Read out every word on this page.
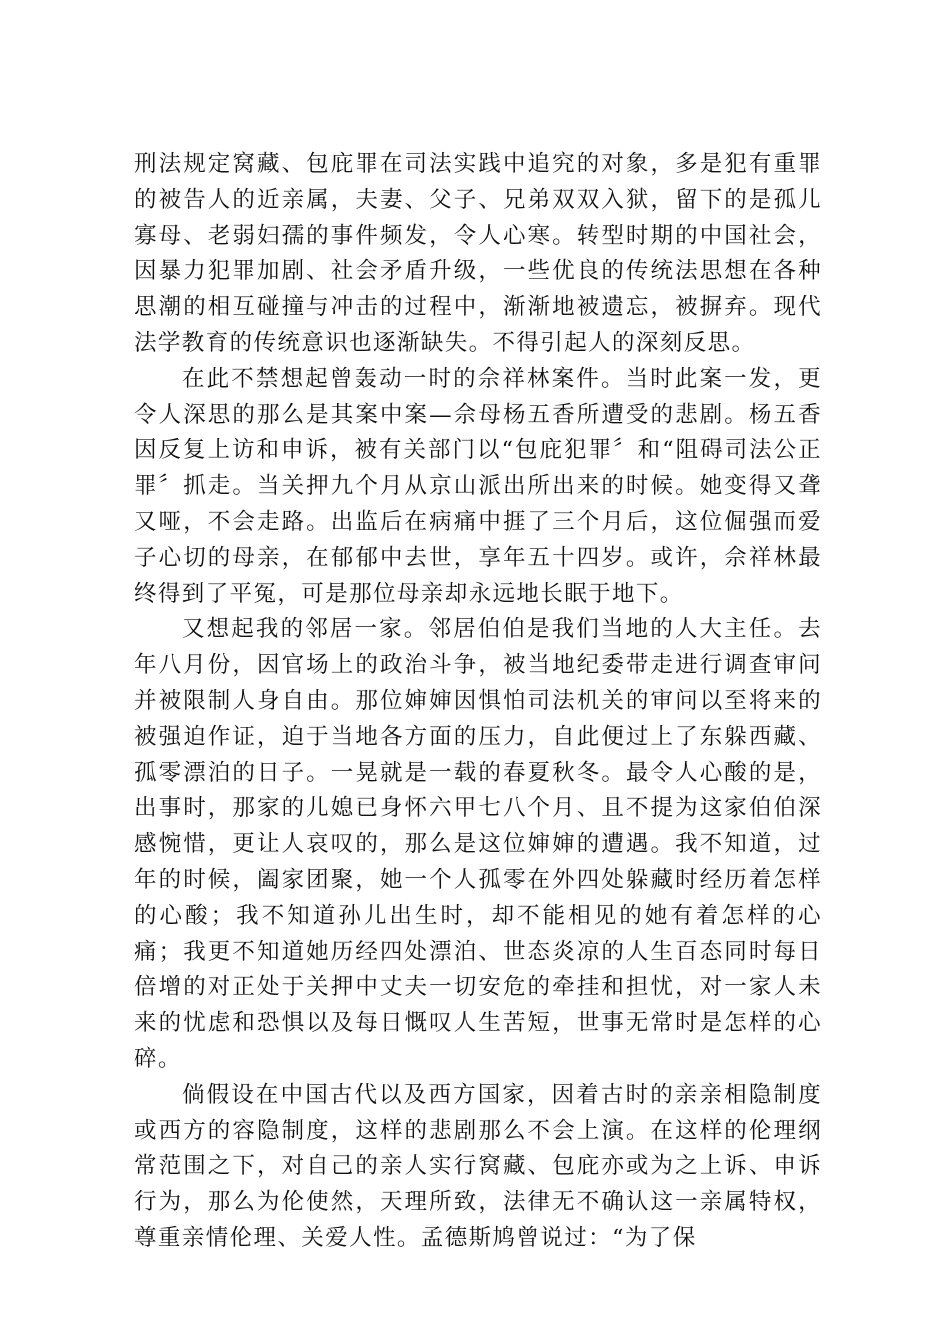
刑法规定窝藏、包庇罪在司法实践中追究的对象，多是犯有重罪的被告人的近亲属，夫妻、父子、兄弟双双入狱，留下的是孤儿寡母、老弱妇孺的事件频发，令人心寒。转型时期的中国社会，因暴力犯罪加剧、社会矛盾升级，一些优良的传统法思想在各种思潮的相互碰撞与冲击的过程中，渐渐地被遗忘，被摒弃。现代法学教育的传统意识也逐渐缺失。不得引起人的深刻反思。

在此不禁想起曾轰动一时的佘祥林案件。当时此案一发，更令人深思的那么是其案中案—佘母杨五香所遭受的悲剧。杨五香因反复上访和申诉，被有关部门以“包庇犯罪〞和“阻碍司法公正罪〞抓走。当关押九个月从京山派出所出来的时候。她变得又聋又哑，不会走路。出监后在病痛中捱了三个月后，这位倔强而爱子心切的母亲，在郁郁中去世，享年五十四岁。或许，佘祥林最终得到了平冤，可是那位母亲却永远地长眠于地下。

又想起我的邻居一家。邻居伯伯是我们当地的人大主任。去年八月份，因官场上的政治斗争，被当地纪委带走进行调查审问并被限制人身自由。那位婶婶因惧怕司法机关的审问以至将来的被强迫作证，迫于当地各方面的压力，自此便过上了东躲西藏、孤零漂泊的日子。一晃就是一载的春夏秋冬。最令人心酸的是，出事时，那家的儿媳已身怀六甲七八个月、且不提为这家伯伯深感惋惜，更让人哀叹的，那么是这位婶婶的遭遇。我不知道，过年的时候，阖家团聚，她一个人孤零在外四处躲藏时经历着怎样的心酸；我不知道孙儿出生时，却不能相见的她有着怎样的心痛；我更不知道她历经四处漂泊、世态炎凉的人生百态同时每日倍增的对正处于关押中丈夫一切安危的牵挂和担忧，对一家人未来的忧虑和恐惧以及每日慨叹人生苦短，世事无常时是怎样的心碎。

倘假设在中国古代以及西方国家，因着古时的亲亲相隐制度或西方的容隐制度，这样的悲剧那么不会上演。在这样的伦理纲常范围之下，对自己的亲人实行窝藏、包庇亦或为之上诉、申诉行为，那么为伦使然，天理所致，法律无不确认这一亲属特权，尊重亲情伦理、关爱人性。孟德斯鸠曾说过：“为了保
